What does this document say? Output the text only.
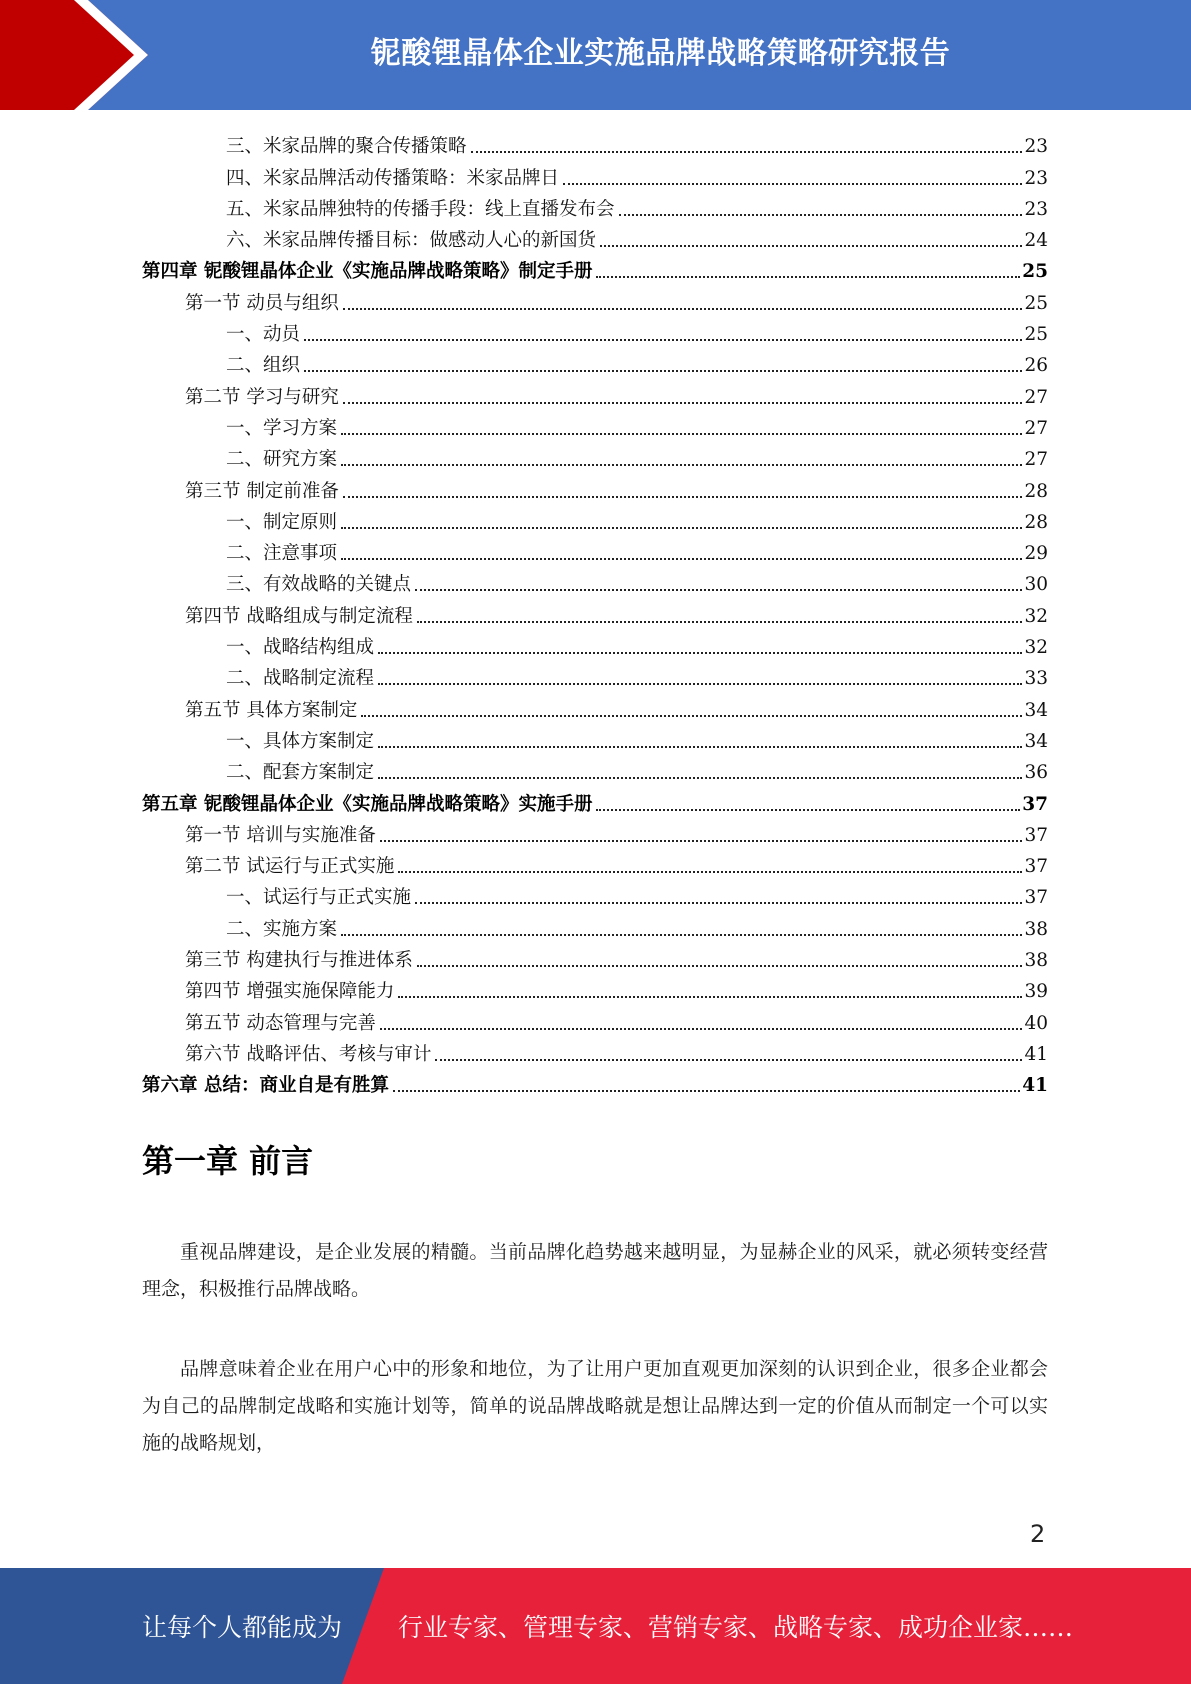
铌酸锂晶体企业实施品牌战略策略研究报告
三、米家品牌的聚合传播策略	23
四、米家品牌活动传播策略：米家品牌日	23
五、米家品牌独特的传播手段：线上直播发布会	23
六、米家品牌传播目标：做感动人心的新国货	24
第四章 铌酸锂晶体企业《实施品牌战略策略》制定手册	25
第一节 动员与组织	25
一、动员	25
二、组织	26
第二节 学习与研究	27
一、学习方案	27
二、研究方案	27
第三节 制定前准备	28
一、制定原则	28
二、注意事项	29
三、有效战略的关键点	30
第四节 战略组成与制定流程	32
一、战略结构组成	32
二、战略制定流程	33
第五节 具体方案制定	34
一、具体方案制定	34
二、配套方案制定	36
第五章 铌酸锂晶体企业《实施品牌战略策略》实施手册	37
第一节 培训与实施准备	37
第二节 试运行与正式实施	37
一、试运行与正式实施	37
二、实施方案	38
第三节 构建执行与推进体系	38
第四节 增强实施保障能力	39
第五节 动态管理与完善	40
第六节 战略评估、考核与审计	41
第六章 总结：商业自是有胜算	41
第一章 前言
重视品牌建设，是企业发展的精髓。当前品牌化趋势越来越明显，为显赫企业的风采，就必须转变经营理念，积极推行品牌战略。
品牌意味着企业在用户心中的形象和地位，为了让用户更加直观更加深刻的认识到企业，很多企业都会为自己的品牌制定战略和实施计划等，简单的说品牌战略就是想让品牌达到一定的价值从而制定一个可以实施的战略规划，
2
让每个人都能成为 行业专家、管理专家、营销专家、战略专家、成功企业家……
